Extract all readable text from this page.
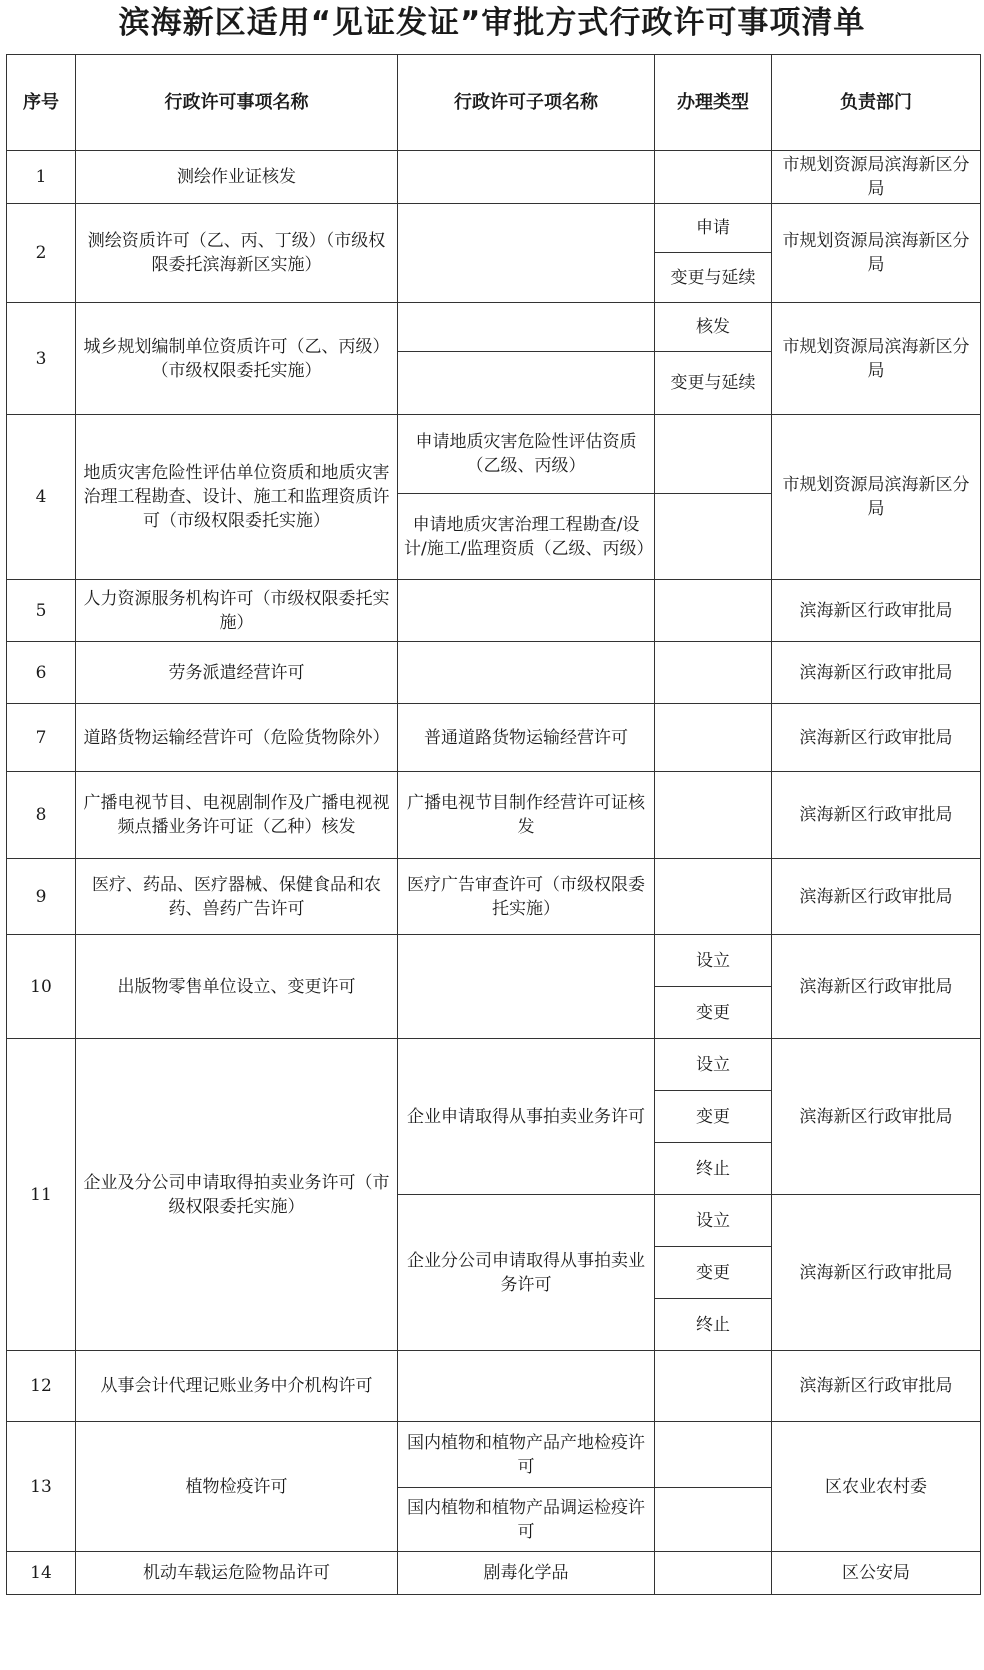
滨海新区适用“见证发证”审批方式行政许可事项清单
序号	行政许可事项名称	行政许可子项名称	办理类型	负责部门
1	测绘作业证核发			市规划资源局滨海新区分局
2	测绘资质许可（乙、丙、丁级）（市级权限委托滨海新区实施）		申请	市规划资源局滨海新区分局
			变更与延续	
3	城乡规划编制单位资质许可（乙、丙级）（市级权限委托实施）		核发	市规划资源局滨海新区分局
			变更与延续	
4	地质灾害危险性评估单位资质和地质灾害治理工程勘查、设计、施工和监理资质许可（市级权限委托实施）	申请地质灾害危险性评估资质（乙级、丙级）		市规划资源局滨海新区分局
		申请地质灾害治理工程勘查/设计/施工/监理资质（乙级、丙级）		
5	人力资源服务机构许可（市级权限委托实施）			滨海新区行政审批局
6	劳务派遣经营许可			滨海新区行政审批局
7	道路货物运输经营许可（危险货物除外）	普通道路货物运输经营许可		滨海新区行政审批局
8	广播电视节目、电视剧制作及广播电视视频点播业务许可证（乙种）核发	广播电视节目制作经营许可证核发		滨海新区行政审批局
9	医疗、药品、医疗器械、保健食品和农药、兽药广告许可	医疗广告审查许可（市级权限委托实施）		滨海新区行政审批局
10	出版物零售单位设立、变更许可		设立	滨海新区行政审批局
			变更	
11	企业及分公司申请取得拍卖业务许可（市级权限委托实施）	企业申请取得从事拍卖业务许可	设立	滨海新区行政审批局
			变更	
			终止	
		企业分公司申请取得从事拍卖业务许可	设立	滨海新区行政审批局
			变更	
			终止	
12	从事会计代理记账业务中介机构许可			滨海新区行政审批局
13	植物检疫许可	国内植物和植物产品产地检疫许可		区农业农村委
		国内植物和植物产品调运检疫许可		
14	机动车载运危险物品许可	剧毒化学品		区公安局
